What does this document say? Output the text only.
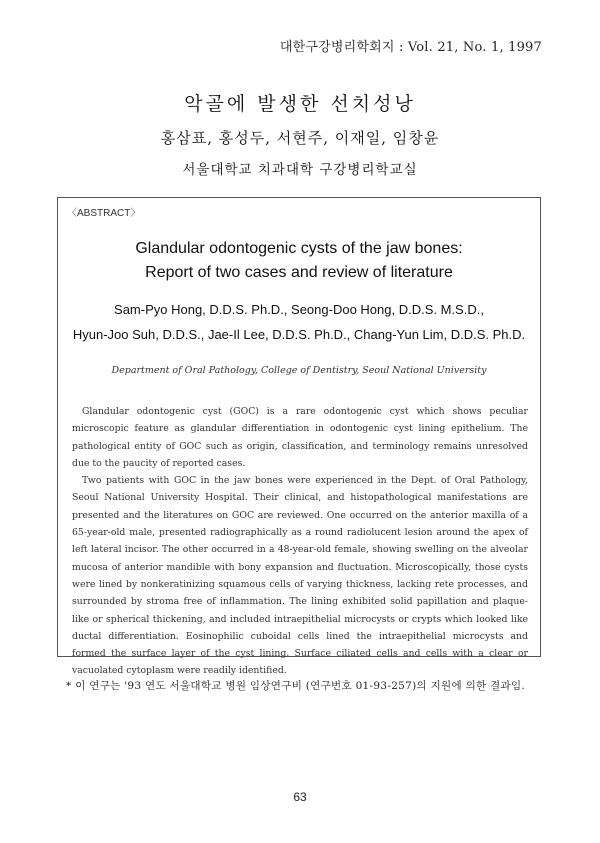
대한구강병리학회지 : Vol. 21, No. 1, 1997
악골에 발생한 선치성낭
홍삼표, 홍성두, 서현주, 이재일, 임창윤
서울대학교 치과대학 구강병리학교실
〈ABSTRACT〉
Glandular odontogenic cysts of the jaw bones:
Report of two cases and review of literature
Sam-Pyo Hong, D.D.S. Ph.D., Seong-Doo Hong, D.D.S. M.S.D.,
Hyun-Joo Suh, D.D.S., Jae-Il Lee, D.D.S. Ph.D., Chang-Yun Lim, D.D.S. Ph.D.
Department of Oral Pathology, College of Dentistry, Seoul National University

Glandular odontogenic cyst (GOC) is a rare odontogenic cyst which shows peculiar microscopic feature as glandular differentiation in odontogenic cyst lining epithelium. The pathological entity of GOC such as origin, classification, and terminology remains unresolved due to the paucity of reported cases.

Two patients with GOC in the jaw bones were experienced in the Dept. of Oral Pathology, Seoul National University Hospital. Their clinical, and histopathological manifestations are presented and the literatures on GOC are reviewed. One occurred on the anterior maxilla of a 65-year-old male, presented radiographically as a round radiolucent lesion around the apex of left lateral incisor. The other occurred in a 48-year-old female, showing swelling on the alveolar mucosa of anterior mandible with bony expansion and fluctuation. Microscopically, those cysts were lined by nonkeratinizing squamous cells of varying thickness, lacking rete processes, and surrounded by stroma free of inflammation. The lining exhibited solid papillation and plaque-like or spherical thickening, and included intraepithelial microcysts or crypts which looked like ductal differentiation. Eosinophilic cuboidal cells lined the intraepithelial microcysts and formed the surface layer of the cyst lining. Surface ciliated cells and cells with a clear or vacuolated cytoplasm were readily identified.

* 이 연구는 '93 연도 서울대학교 병원 임상연구비 (연구번호 01-93-257)의 지원에 의한 결과임.
63
